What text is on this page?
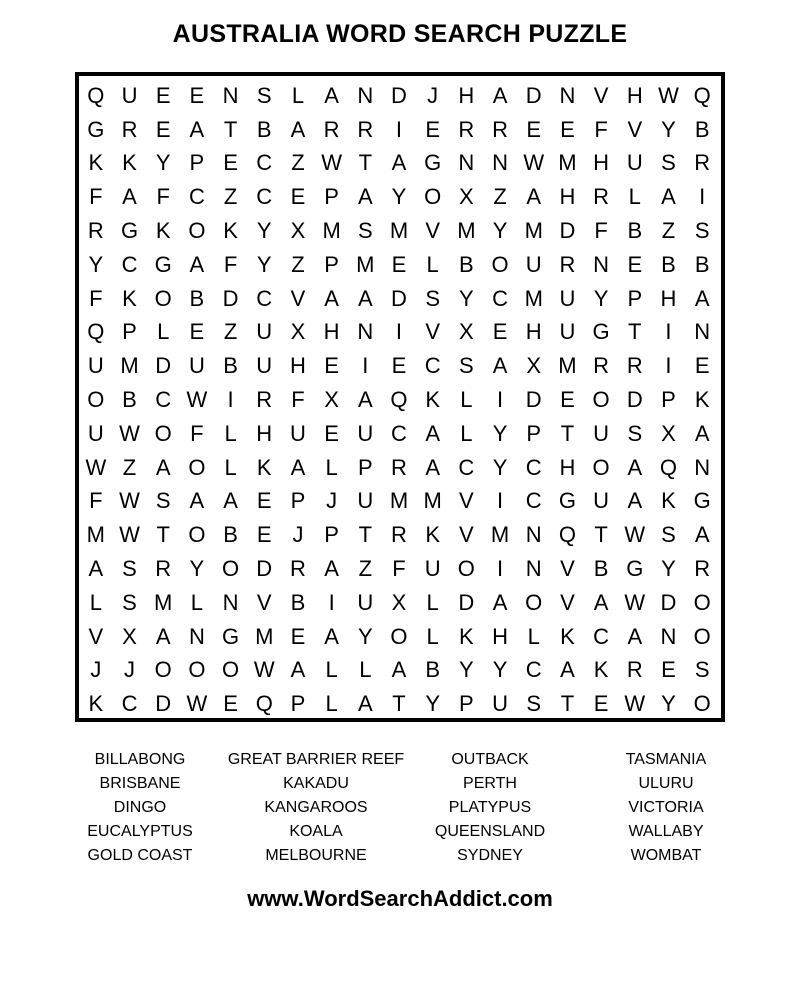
AUSTRALIA WORD SEARCH PUZZLE
Q U E E N S L A N D J H A D N V H W Q
G R E A T B A R R	I	E R R E E F V Y B
K K Y P E C Z W T A G N N W M H U S R
F A F C Z C E P A Y O X Z A H R L A	I
R G K O K Y X M S M V M Y M D F B Z S
Y C G A F Y Z P M E L B O U R N E B B
F K O B D C V A A D S Y C M U Y P H A
Q P L E Z U X H N	I	V X E H U G T	I	N
U M D U B U H E	I	E C S A X M R R	I	E
O B C W I	R F X A Q K L	I	D E O D P K
U W O F L H U E U C A L Y P T U S X A
W Z A O L K A L P R A C Y C H O A Q N
F W S A A E P J U M M V	I	C G U A K G
M W T O B E J P T R K V M N Q T W S A
A S R Y O D R A Z F U O	I	N V B G Y R
L S M L N V B	I	U X L D A O V A W D O
V X A N G M E A Y O L K H L K C A N O
J	J O O O W A L L A B Y Y C A K R E S
K C D W E Q P L A T Y P U S T E W Y O
BILLABONG
BRISBANE
DINGO
EUCALYPTUS
GOLD COAST
GREAT BARRIER REEF
KAKADU
KANGAROOS
KOALA
MELBOURNE
OUTBACK
PERTH
PLATYPUS
QUEENSLAND
SYDNEY
TASMANIA
ULURU
VICTORIA
WALLABY
WOMBAT
www.WordSearchAddict.com
